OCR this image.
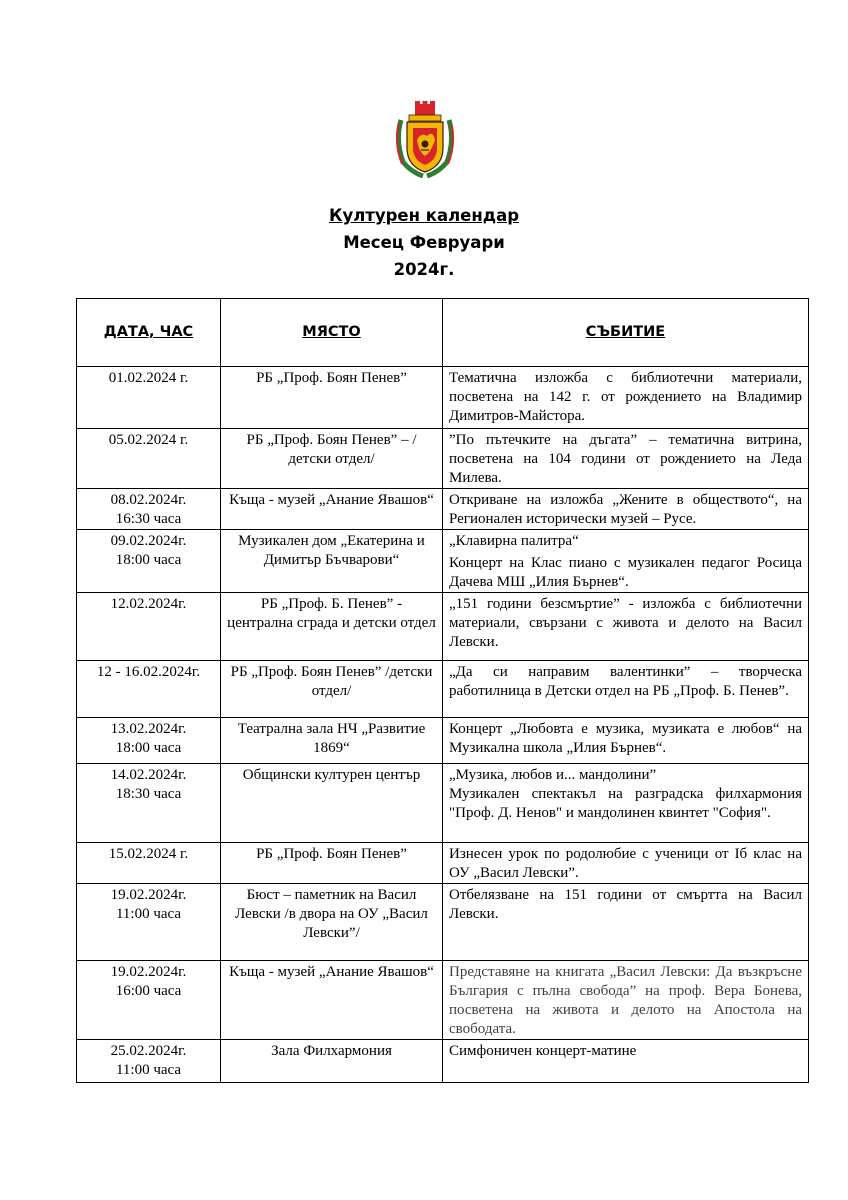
Културен календар
Месец Февруари
2024г.
ДАТА, ЧАС	МЯСТО	СЪБИТИЕ

01.02.2024 г.	РБ „Проф. Боян Пенев”	Тематична изложба с библиотечни материали, посветена на 142 г. от рождението на Владимир Димитров-Майстора.

05.02.2024 г.	РБ „Проф. Боян Пенев” – /детски отдел/	”По пътечките на дъгата” – тематична витрина, посветена на 104 години от рождението на Леда Милева.

08.02.2024г.
16:30 часа	Къща - музей „Анание Явашов“	Откриване на изложба „Жените в обществото“, на Регионален исторически музей – Русе.

09.02.2024г.
18:00 часа	Музикален дом „Екатерина и Димитър Бъчварови“	„Клавирна палитра“
Концерт на Клас пиано с музикален педагог Росица Дачева МШ „Илия Бърнев“.

12.02.2024г.	РБ „Проф. Б. Пенев” - централна сграда и детски отдел	„151 години безсмъртие” - изложба с библиотечни материали, свързани с живота и делото на Васил Левски.

12 - 16.02.2024г.	РБ „Проф. Боян Пенев” /детски отдел/	„Да си направим валентинки” – творческа работилница в Детски отдел на РБ „Проф. Б. Пенев”.

13.02.2024г.
18:00 часа	Театрална зала НЧ „Развитие 1869“	Концерт „Любовта е музика, музиката е любов“ на Музикална школа „Илия Бърнев“.

14.02.2024г.
18:30 часа	Общински културен център	„Музика, любов и... мандолини”
Музикален спектакъл на разградска филхармония "Проф. Д. Ненов" и мандолинен квинтет "София".

15.02.2024 г.	РБ „Проф. Боян Пенев”	Изнесен урок по родолюбие с ученици от Iб клас на ОУ „Васил Левски”.

19.02.2024г.
11:00 часа	Бюст – паметник на Васил Левски /в двора на ОУ „Васил Левски”/	Отбелязване на 151 години от смъртта на Васил Левски.

19.02.2024г.
16:00 часа	Къща - музей „Анание Явашов“	Представяне на книгата „Васил Левски: Да възкръсне България с пълна свобода” на проф. Вера Бонева, посветена на живота и делото на Апостола на свободата.

25.02.2024г.
11:00 часа	Зала Филхармония	Симфоничен концерт-матине
